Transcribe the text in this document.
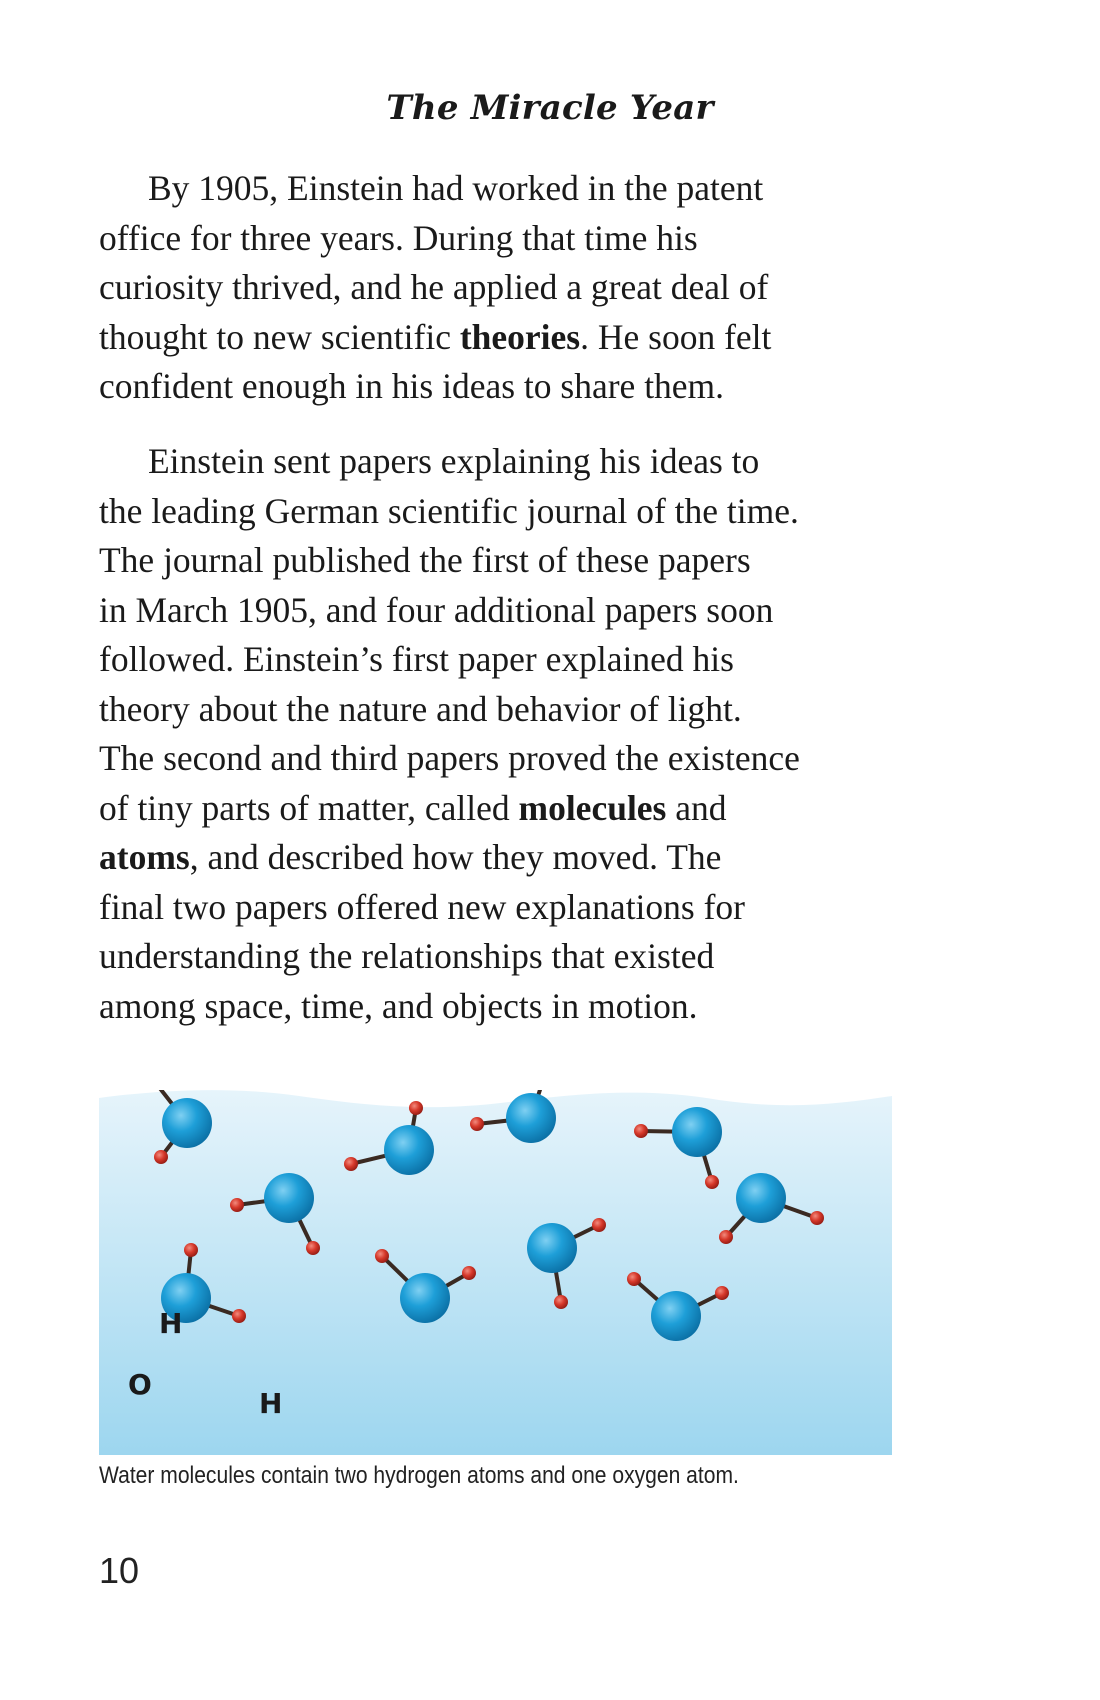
The Miracle Year
By 1905, Einstein had worked in the patent
office for three years. During that time his
curiosity thrived, and he applied a great deal of
thought to new scientific theories. He soon felt
confident enough in his ideas to share them.
Einstein sent papers explaining his ideas to
the leading German scientific journal of the time.
The journal published the first of these papers
in March 1905, and four additional papers soon
followed. Einstein’s first paper explained his
theory about the nature and behavior of light.
The second and third papers proved the existence
of tiny parts of matter, called molecules and
atoms, and described how they moved. The
final two papers offered new explanations for
understanding the relationships that existed
among space, time, and objects in motion.
H
O
H

Water molecules contain two hydrogen atoms and one oxygen atom.

10
